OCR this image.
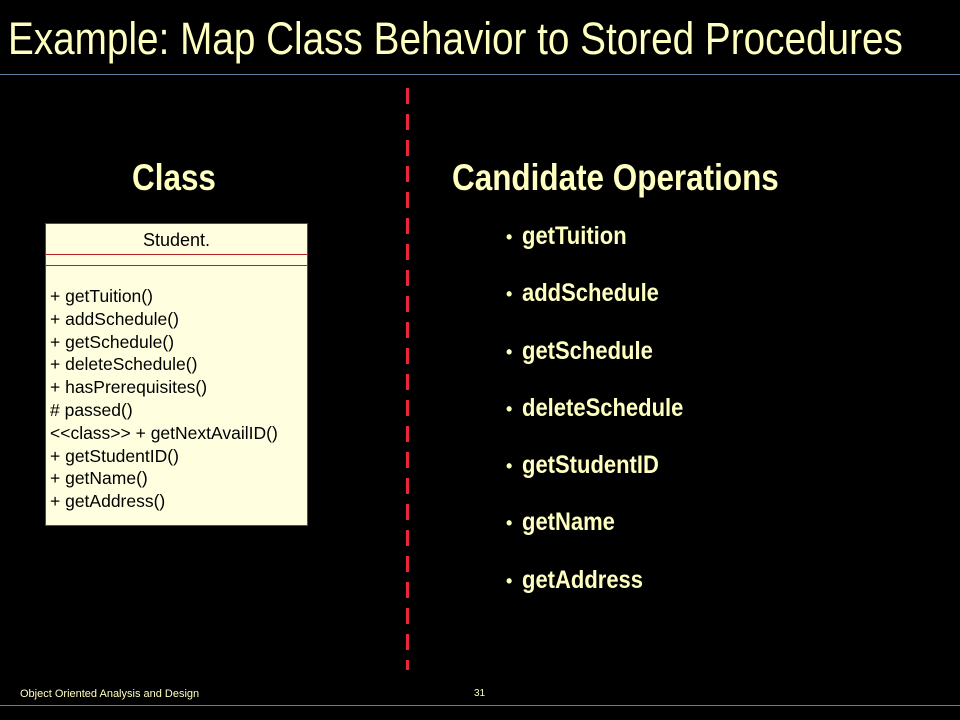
Example: Map Class Behavior to Stored Procedures
Class	Candidate Operations
Student.
+ getTuition()
+ addSchedule()
+ getSchedule()
+ deleteSchedule()
+ hasPrerequisites()
# passed()
<<class>> + getNextAvailID()
+ getStudentID()
+ getName()
+ getAddress()
• getTuition
• addSchedule
• getSchedule
• deleteSchedule
• getStudentID
• getName
• getAddress
Object Oriented Analysis and Design	31
